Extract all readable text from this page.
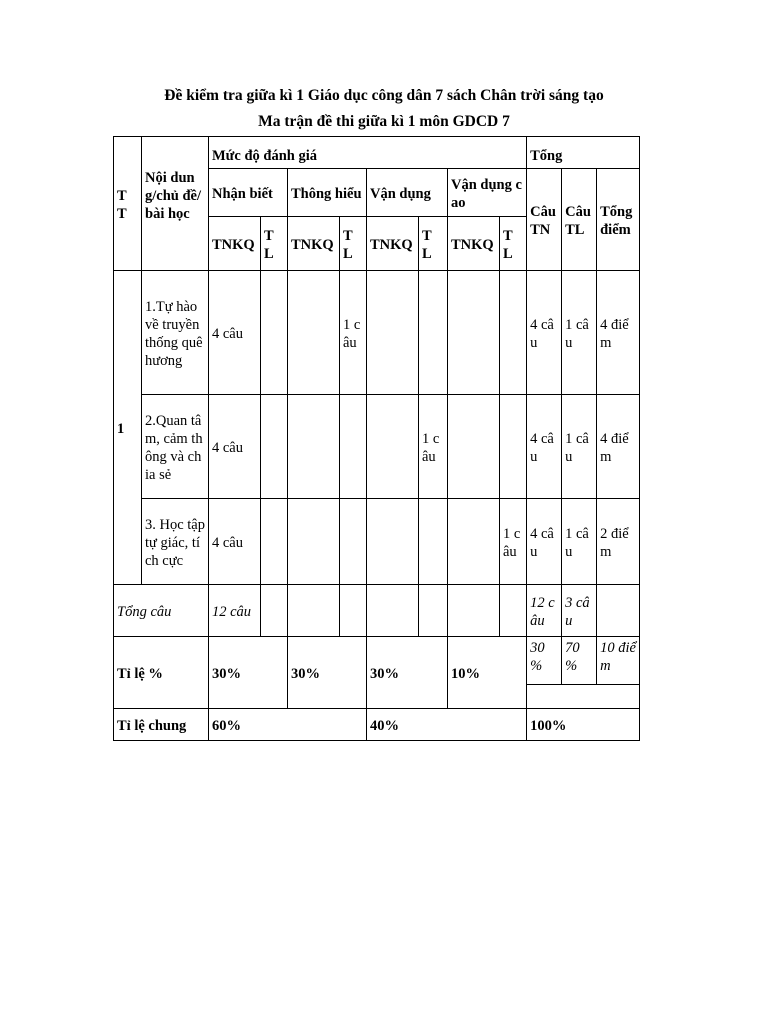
Đề kiểm tra giữa kì 1 Giáo dục công dân 7 sách Chân trời sáng tạo
Ma trận đề thi giữa kì 1 môn GDCD 7
T T	Nội dung/chủ đề/bài học	Mức độ đánh giá								Tổng		
		Nhận biết		Thông hiểu		Vận dụng		Vận dụng cao		Câu TN	Câu TL	Tổng điểm
		TNKQ	T L	TNKQ	T L	TNKQ	T L	TNKQ	T L			
1	1.Tự hào về truyền thống quê hương	4 câu			1 câu					4 câu	1 câu	4 điểm
	2.Quan tâm, cảm thông và chia sẻ	4 câu					1 câu			4 câu	1 câu	4 điểm
	3. Học tập tự giác, tích cực	4 câu							1 câu	4 câu	1 câu	2 điểm
Tổng câu		12 câu								12 câu	3 câu	
Tỉ lệ %		30%		30%		30%		10%		30 %	70 %	10 điểm

Tỉ lệ chung		60%				40%				100%		
